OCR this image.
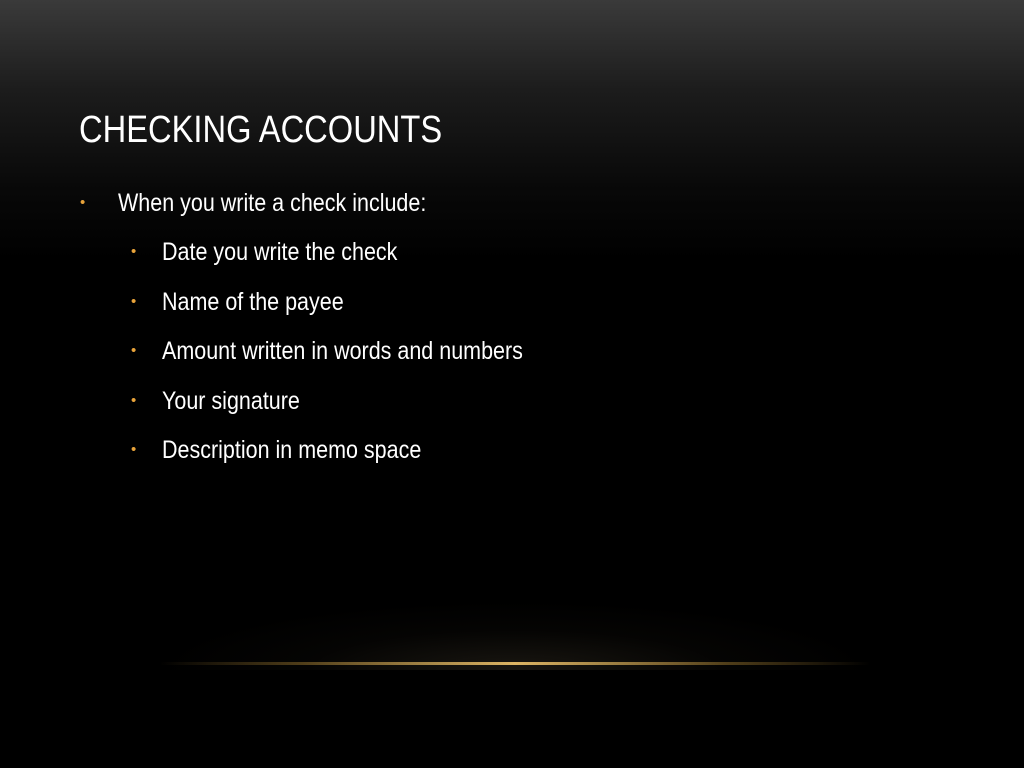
CHECKING ACCOUNTS
• When you write a check include:
• Date you write the check
• Name of the payee
• Amount written in words and numbers
• Your signature
• Description in memo space
